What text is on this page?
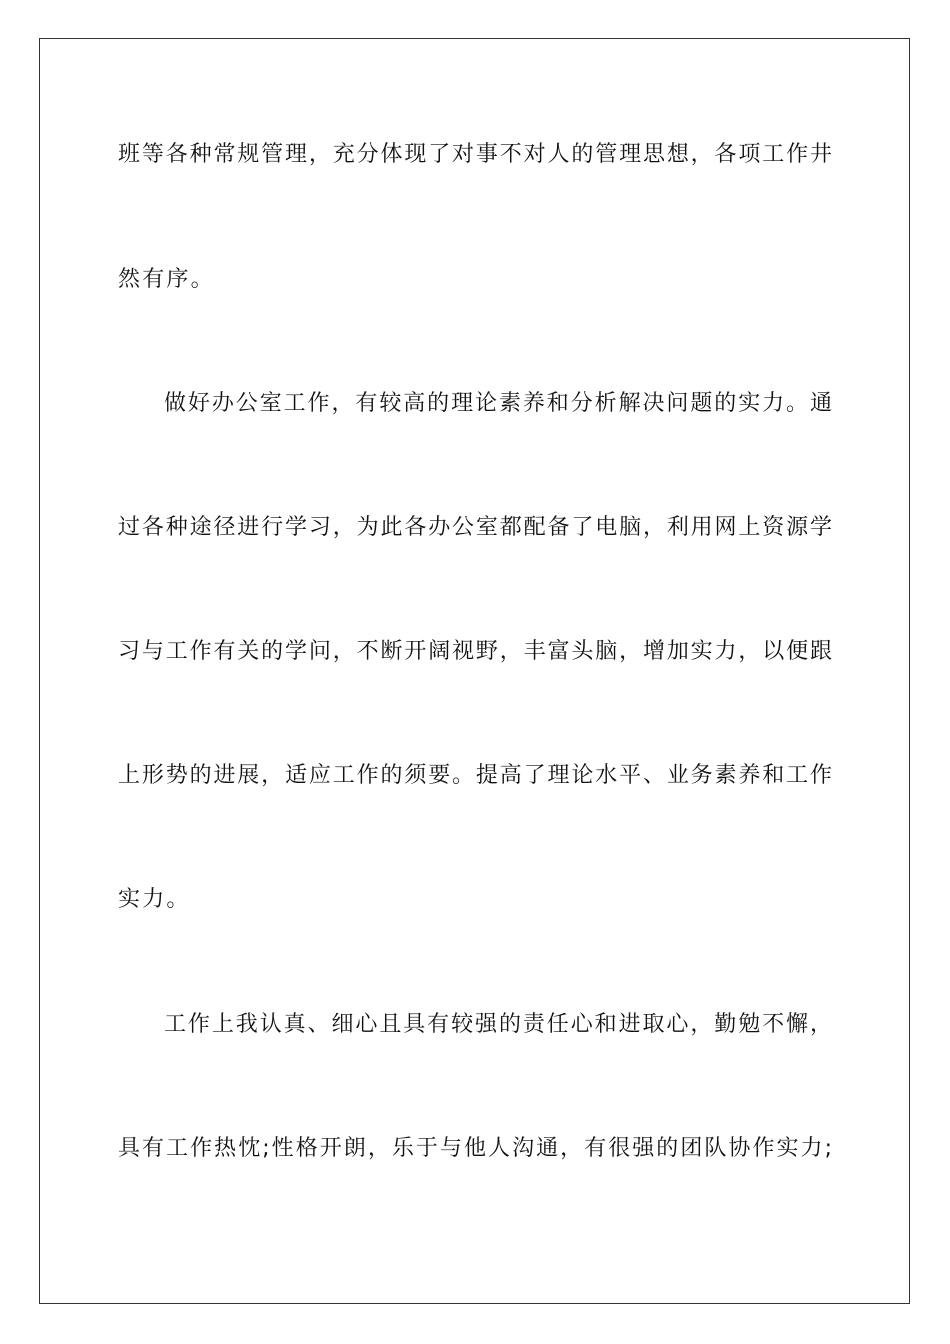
班等各种常规管理，充分体现了对事不对人的管理思想，各项工作井
然有序。
做好办公室工作，有较高的理论素养和分析解决问题的实力。通
过各种途径进行学习，为此各办公室都配备了电脑，利用网上资源学
习与工作有关的学问，不断开阔视野，丰富头脑，增加实力，以便跟
上形势的进展，适应工作的须要。提高了理论水平、业务素养和工作
实力。
工作上我认真、细心且具有较强的责任心和进取心，勤勉不懈，
具有工作热忱;性格开朗，乐于与他人沟通，有很强的团队协作实力;
